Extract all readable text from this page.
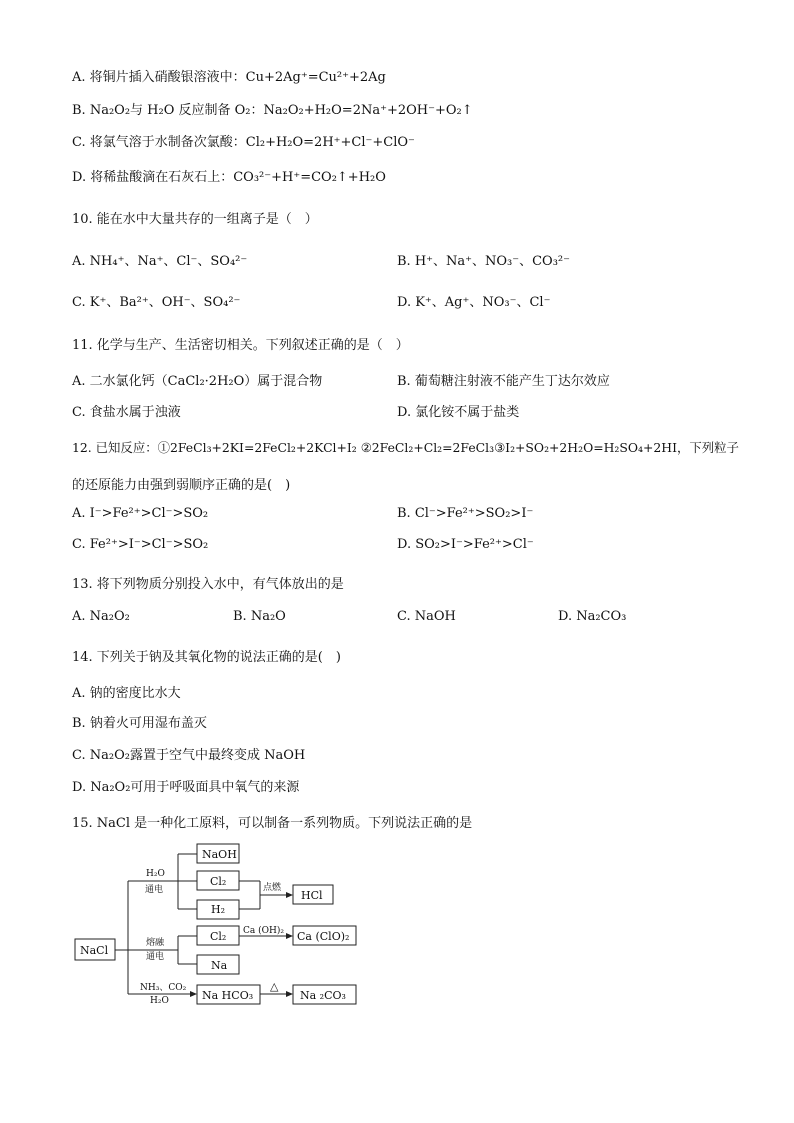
A. 将铜片插入硝酸银溶液中：Cu+2Ag⁺=Cu²⁺+2Ag
B. Na₂O₂与 H₂O 反应制备 O₂：Na₂O₂+H₂O=2Na⁺+2OH⁻+O₂↑
C. 将氯气溶于水制备次氯酸：Cl₂+H₂O=2H⁺+Cl⁻+ClO⁻
D. 将稀盐酸滴在石灰石上：CO₃²⁻+H⁺=CO₂↑+H₂O
10. 能在水中大量共存的一组离子是（　）
A. NH₄⁺、Na⁺、Cl⁻、SO₄²⁻	B. H⁺、Na⁺、NO₃⁻、CO₃²⁻
C. K⁺、Ba²⁺、OH⁻、SO₄²⁻	D. K⁺、Ag⁺、NO₃⁻、Cl⁻
11. 化学与生产、生活密切相关。下列叙述正确的是（　）
A. 二水氯化钙（CaCl₂·2H₂O）属于混合物	B. 葡萄糖注射液不能产生丁达尔效应
C. 食盐水属于浊液	D. 氯化铵不属于盐类
12. 已知反应：①2FeCl₃+2KI=2FeCl₂+2KCl+I₂ ②2FeCl₂+Cl₂=2FeCl₃③I₂+SO₂+2H₂O=H₂SO₄+2HI，下列粒子
的还原能力由强到弱顺序正确的是(　)
A. I⁻>Fe²⁺>Cl⁻>SO₂	B. Cl⁻>Fe²⁺>SO₂>I⁻
C. Fe²⁺>I⁻>Cl⁻>SO₂	D. SO₂>I⁻>Fe²⁺>Cl⁻
13. 将下列物质分别投入水中，有气体放出的是
A. Na₂O₂	B. Na₂O	C. NaOH	D. Na₂CO₃
14. 下列关于钠及其氧化物的说法正确的是(　)
A. 钠的密度比水大
B. 钠着火可用湿布盖灭
C. Na₂O₂露置于空气中最终变成 NaOH
D. Na₂O₂可用于呼吸面具中氧气的来源
15. NaCl 是一种化工原料，可以制备一系列物质。下列说法正确的是
NaCl
NaOH
Cl₂
H₂
HCl
Cl₂	Ca (ClO)₂
Na
Na HCO₃	Na ₂CO₃
H₂O
通电	点燃
熔融
通电
Ca (OH)₂
NH₃、CO₂
H₂O
△
